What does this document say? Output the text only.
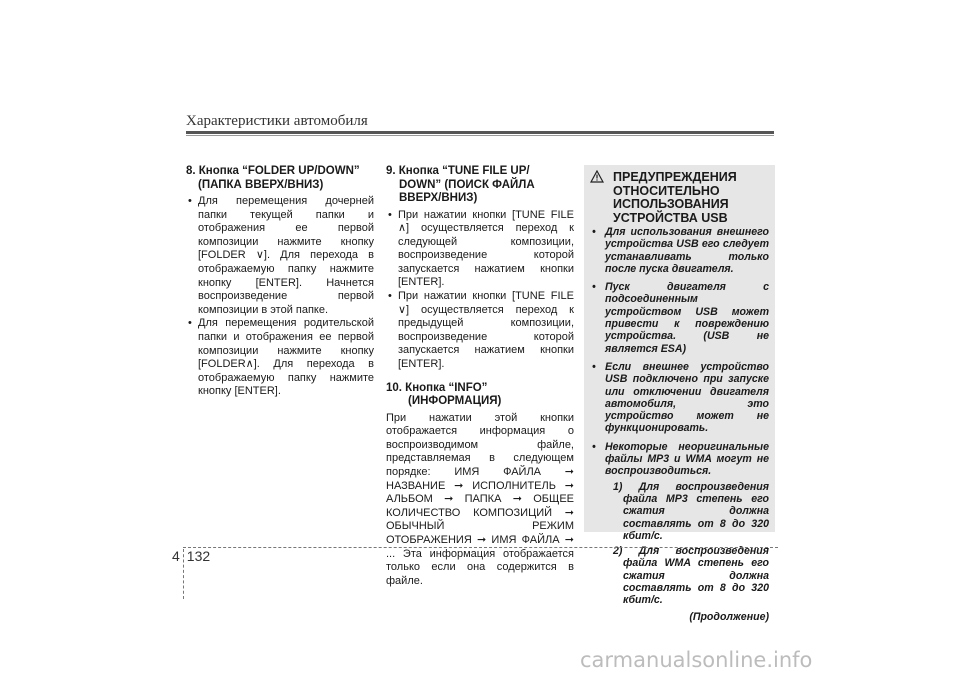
Характеристики автомобиля
8. Кнопка “FOLDER UP/DOWN”
(ПАПКА ВВЕРХ/ВНИЗ)
• Для перемещения дочерней папки текущей папки и отображения ее первой композиции нажмите кнопку [FOLDER ∨]. Для перехода в отображаемую папку нажмите кнопку [ENTER]. Начнется воспроизведение первой композиции в этой папке.
• Для перемещения родительской папки и отображения ее первой композиции нажмите кнопку [FOLDER∧]. Для перехода в отображаемую папку нажмите кнопку [ENTER].
9. Кнопка “TUNE FILE UP/
DOWN” (ПОИСК ФАЙЛА ВВЕРХ/ВНИЗ)
• При нажатии кнопки [TUNE FILE ∧] осуществляется переход к следующей композиции, воспроизведение которой запускается нажатием кнопки [ENTER].
• При нажатии кнопки [TUNE FILE ∨] осуществляется переход к предыдущей композиции, воспроизведение которой запускается нажатием кнопки [ENTER].
10. Кнопка “INFO”
(ИНФОРМАЦИЯ)

При нажатии этой кнопки отображается информация о воспроизводимом файле, представляемая в следующем порядке: ИМЯ ФАЙЛА ➞ НАЗВАНИЕ ➞ ИСПОЛНИТЕЛЬ ➞ АЛЬБОМ ➞ ПАПКА ➞ ОБЩЕЕ КОЛИЧЕСТВО КОМПОЗИЦИЙ ➞ ОБЫЧНЫЙ РЕЖИМ ОТОБРАЖЕНИЯ ➞ ИМЯ ФАЙЛА ➞ ... Эта информация отображается только если она содержится в файле.

ПРЕДУПРЕЖДЕНИЯ ОТНОСИТЕЛЬНО ИСПОЛЬЗОВАНИЯ УСТРОЙСТВА USB
• Для использования внешнего устройства USB его следует устанавливать только после пуска двигателя.
• Пуск двигателя с подсоединенным устройством USB может привести к повреждению устройства. (USB не является ESA)
• Если внешнее устройство USB подключено при запуске или отключении двигателя автомобиля, это устройство может не функционировать.
• Некоторые неоригинальные файлы MP3 и WMA могут не воспроизводиться.
1) Для воспроизведения файла MP3 степень его сжатия должна составлять от 8 до 320 кбит/с.
2) Для воспроизведения файла WMA степень его сжатия должна составлять от 8 до 320 кбит/с.
(Продолжение)
4 132
carmanualsonline.info
